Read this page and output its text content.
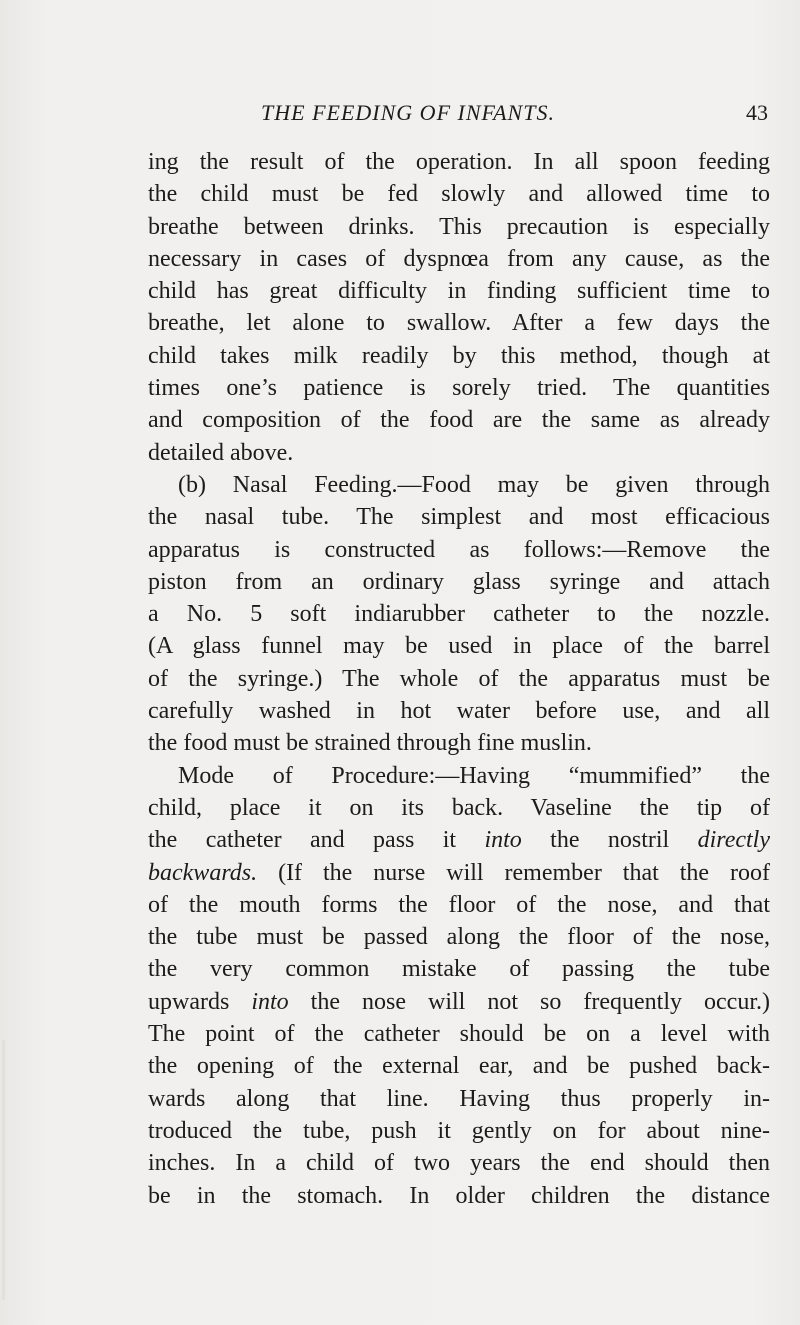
THE FEEDING OF INFANTS.	43
ing the result of the operation. In all spoon feeding
the child must be fed slowly and allowed time to
breathe between drinks. This precaution is especially
necessary in cases of dyspnœa from any cause, as the
child has great difficulty in finding sufficient time to
breathe, let alone to swallow. After a few days the
child takes milk readily by this method, though at
times one’s patience is sorely tried. The quantities
and composition of the food are the same as already
detailed above.
(b) Nasal Feeding.—Food may be given through
the nasal tube. The simplest and most efficacious
apparatus is constructed as follows:—Remove the
piston from an ordinary glass syringe and attach
a No. 5 soft indiarubber catheter to the nozzle.
(A glass funnel may be used in place of the barrel
of the syringe.) The whole of the apparatus must be
carefully washed in hot water before use, and all
the food must be strained through fine muslin.
Mode of Procedure:—Having “mummified” the
child, place it on its back. Vaseline the tip of
the catheter and pass it into the nostril directly
backwards. (If the nurse will remember that the roof
of the mouth forms the floor of the nose, and that
the tube must be passed along the floor of the nose,
the very common mistake of passing the tube
upwards into the nose will not so frequently occur.)
The point of the catheter should be on a level with
the opening of the external ear, and be pushed back-
wards along that line. Having thus properly in-
troduced the tube, push it gently on for about nine-
inches. In a child of two years the end should then
be in the stomach. In older children the distance
